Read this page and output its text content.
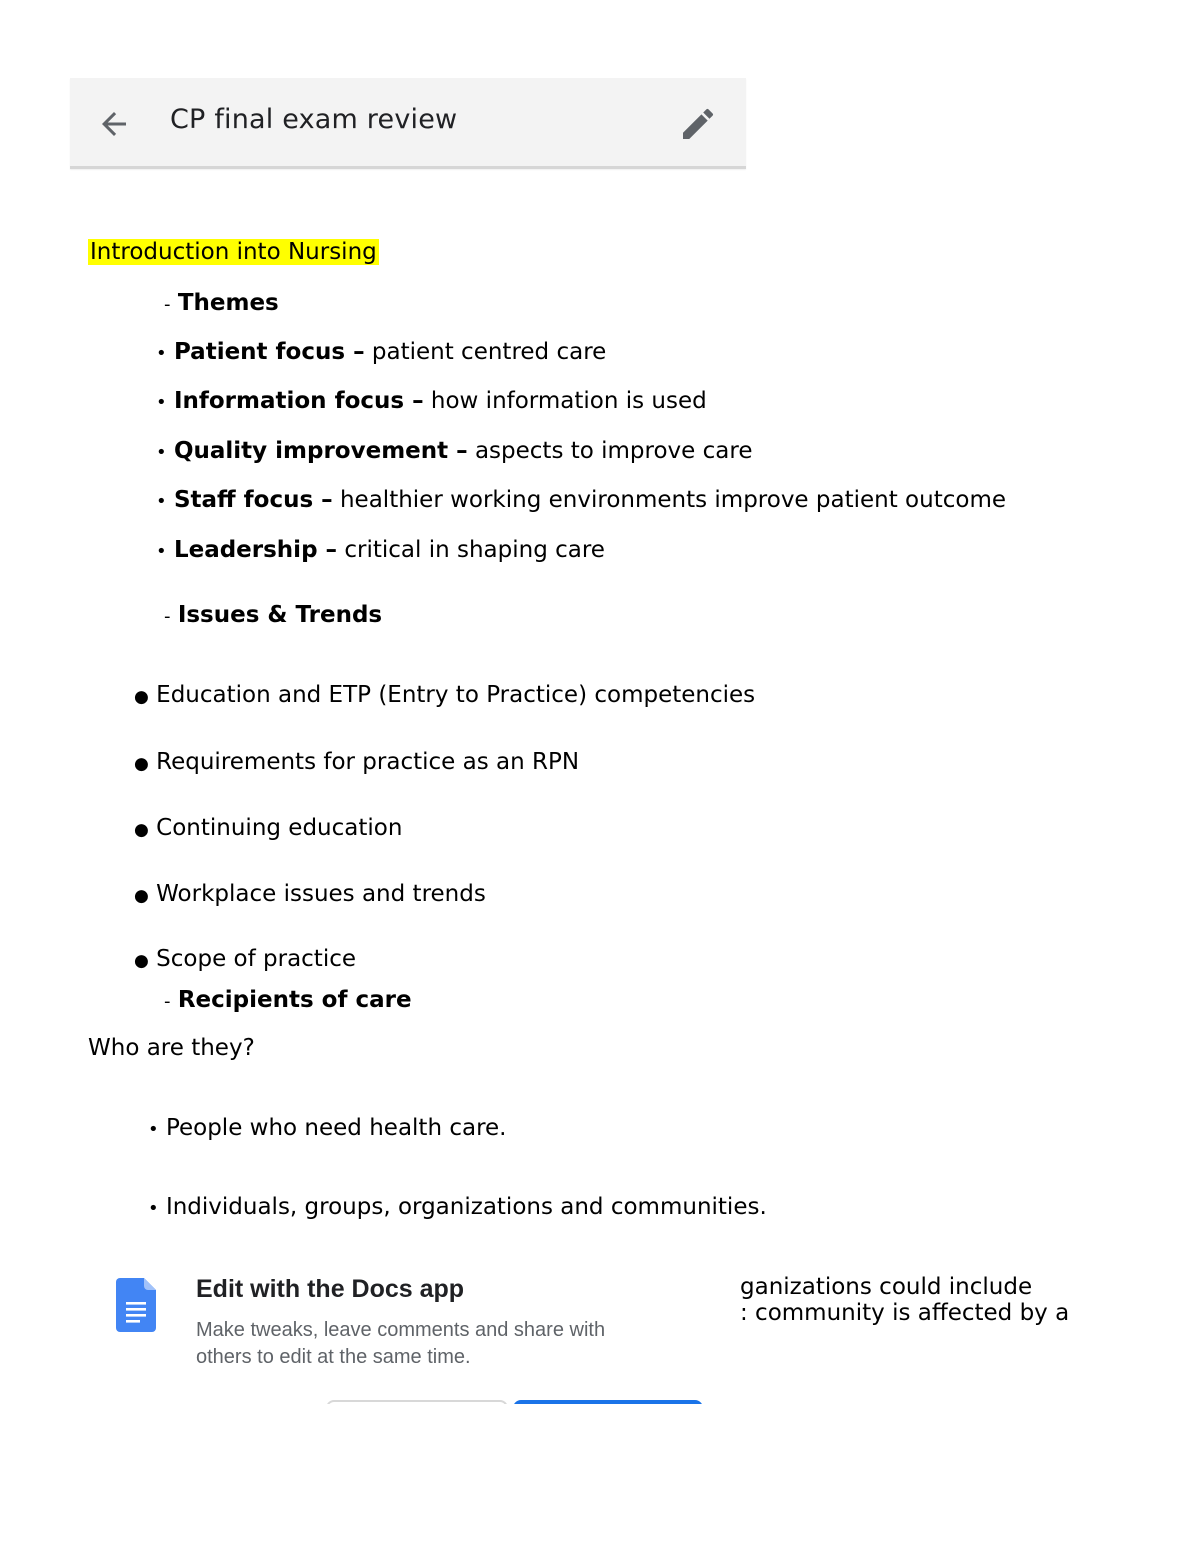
CP final exam review
Introduction into Nursing
- Themes
• Patient focus – patient centred care
• Information focus – how information is used
• Quality improvement – aspects to improve care
• Staff focus – healthier working environments improve patient outcome
• Leadership – critical in shaping care
- Issues & Trends
● Education and ETP (Entry to Practice) competencies
● Requirements for practice as an RPN
● Continuing education
● Workplace issues and trends
● Scope of practice
- Recipients of care
Who are they?
• People who need health care.
• Individuals, groups, organizations and communities.
ganizations could include
: community is affected by a
Edit with the Docs app
Make tweaks, leave comments and share with
others to edit at the same time.
